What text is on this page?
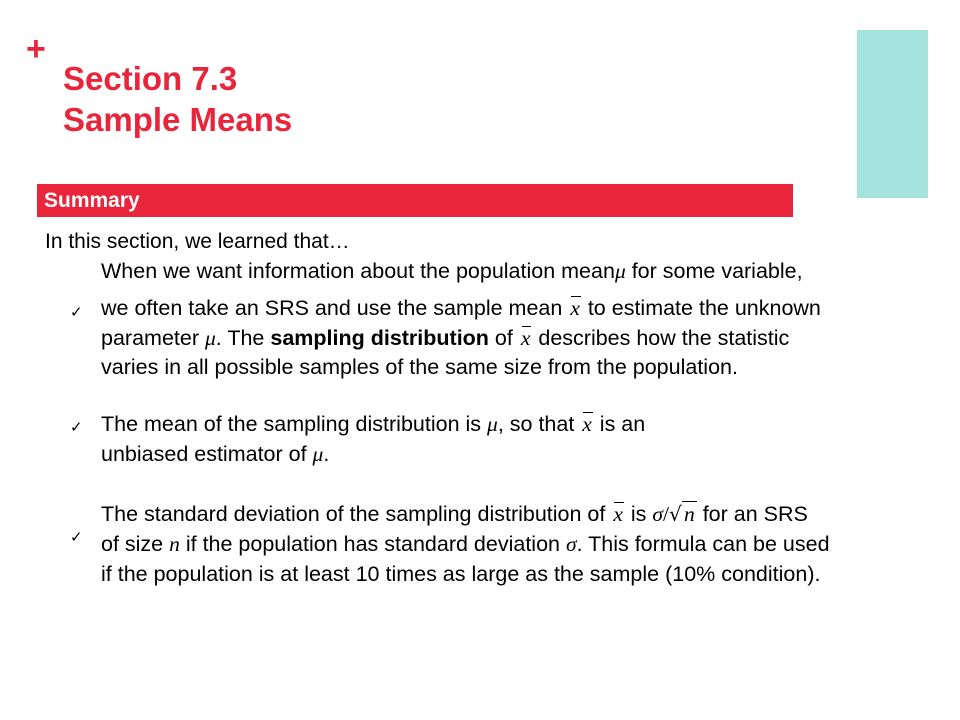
+
Section 7.3
Sample Means
Summary
In this section, we learned that…
✓
When we want information about the population meanμ for some variable,
we often take an SRS and use the sample mean x to estimate the unknown
parameter μ. The sampling distribution of x describes how the statistic
varies in all possible samples of the same size from the population.
✓ The mean of the sampling distribution is μ, so that x is an
unbiased estimator of μ.
✓
The standard deviation of the sampling distribution of x is σ/ √ n for an SRS
of size n if the population has standard deviation σ. This formula can be used
if the population is at least 10 times as large as the sample (10% condition).
